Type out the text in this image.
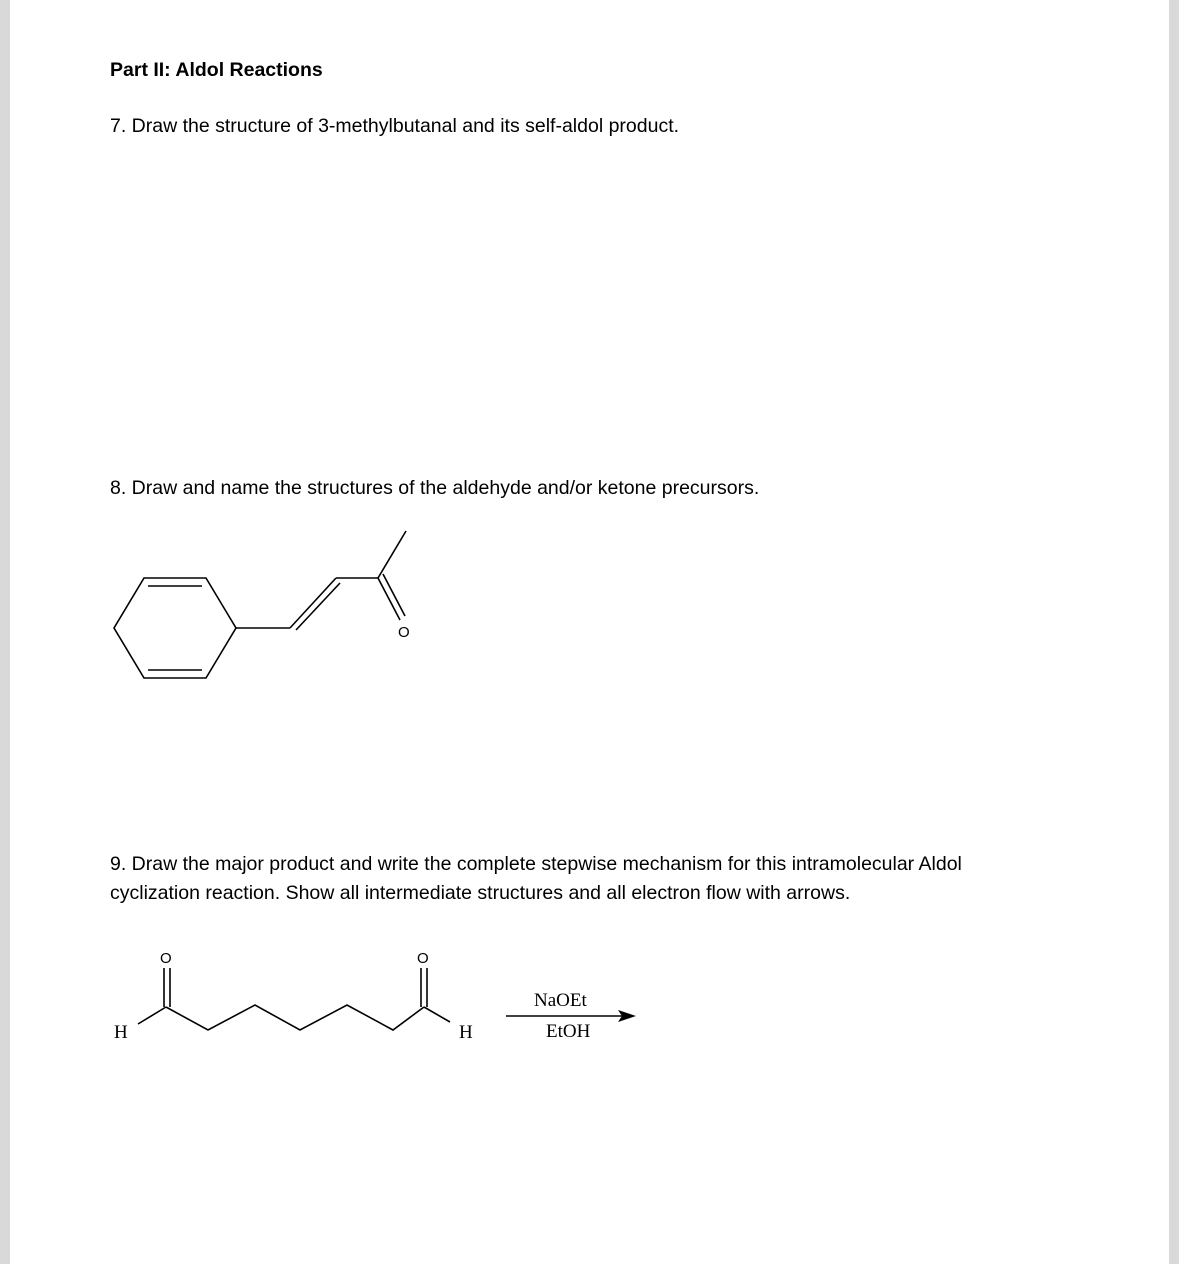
Part II: Aldol Reactions
7. Draw the structure of 3-methylbutanal and its self-aldol product.
8. Draw and name the structures of the aldehyde and/or ketone precursors.
O
9. Draw the major product and write the complete stepwise mechanism for this intramolecular Aldol
cyclization reaction. Show all intermediate structures and all electron flow with arrows.
O	O
H	H
NaOEt
EtOH
